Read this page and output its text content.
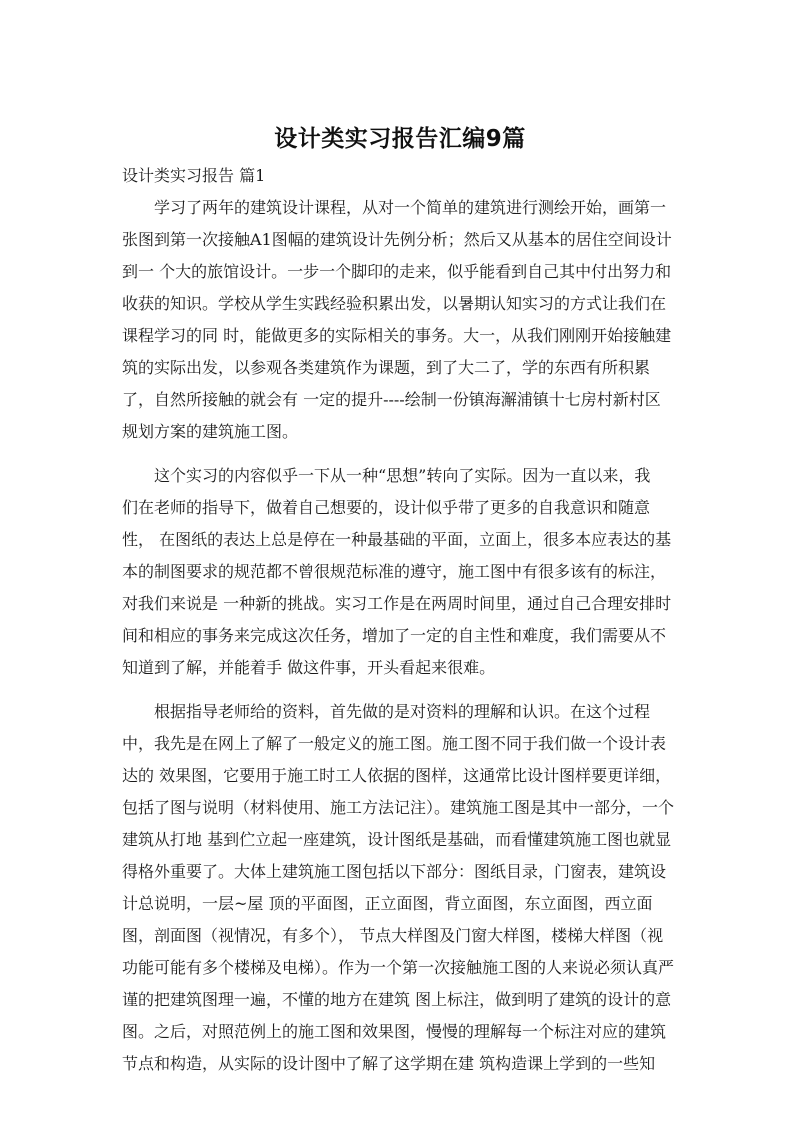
设计类实习报告汇编9篇
设计类实习报告 篇1
学习了两年的建筑设计课程，从对一个简单的建筑进行测绘开始，画第一
张图到第一次接触A1图幅的建筑设计先例分析；然后又从基本的居住空间设计
到一 个大的旅馆设计。一步一个脚印的走来，似乎能看到自己其中付出努力和
收获的知识。学校从学生实践经验积累出发，以暑期认知实习的方式让我们在
课程学习的同 时，能做更多的实际相关的事务。大一，从我们刚刚开始接触建
筑的实际出发，以参观各类建筑作为课题，到了大二了，学的东西有所积累
了，自然所接触的就会有 一定的提升----绘制一份镇海澥浦镇十七房村新村区
规划方案的建筑施工图。
这个实习的内容似乎一下从一种“思想”转向了实际。因为一直以来，我
们在老师的指导下，做着自己想要的，设计似乎带了更多的自我意识和随意
性， 在图纸的表达上总是停在一种最基础的平面，立面上，很多本应表达的基
本的制图要求的规范都不曾很规范标准的遵守，施工图中有很多该有的标注，
对我们来说是 一种新的挑战。实习工作是在两周时间里，通过自己合理安排时
间和相应的事务来完成这次任务，增加了一定的自主性和难度，我们需要从不
知道到了解，并能着手 做这件事，开头看起来很难。
根据指导老师给的资料，首先做的是对资料的理解和认识。在这个过程
中，我先是在网上了解了一般定义的施工图。施工图不同于我们做一个设计表
达的 效果图，它要用于施工时工人依据的图样，这通常比设计图样要更详细，
包括了图与说明（材料使用、施工方法记注）。建筑施工图是其中一部分，一个
建筑从打地 基到伫立起一座建筑，设计图纸是基础，而看懂建筑施工图也就显
得格外重要了。大体上建筑施工图包括以下部分：图纸目录，门窗表，建筑设
计总说明，一层~屋 顶的平面图，正立面图，背立面图，东立面图，西立面
图，剖面图（视情况，有多个）， 节点大样图及门窗大样图，楼梯大样图（视
功能可能有多个楼梯及电梯）。作为一个第一次接触施工图的人来说必须认真严
谨的把建筑图理一遍，不懂的地方在建筑 图上标注，做到明了建筑的设计的意
图。之后，对照范例上的施工图和效果图，慢慢的理解每一个标注对应的建筑
节点和构造，从实际的设计图中了解了这学期在建 筑构造课上学到的一些知
